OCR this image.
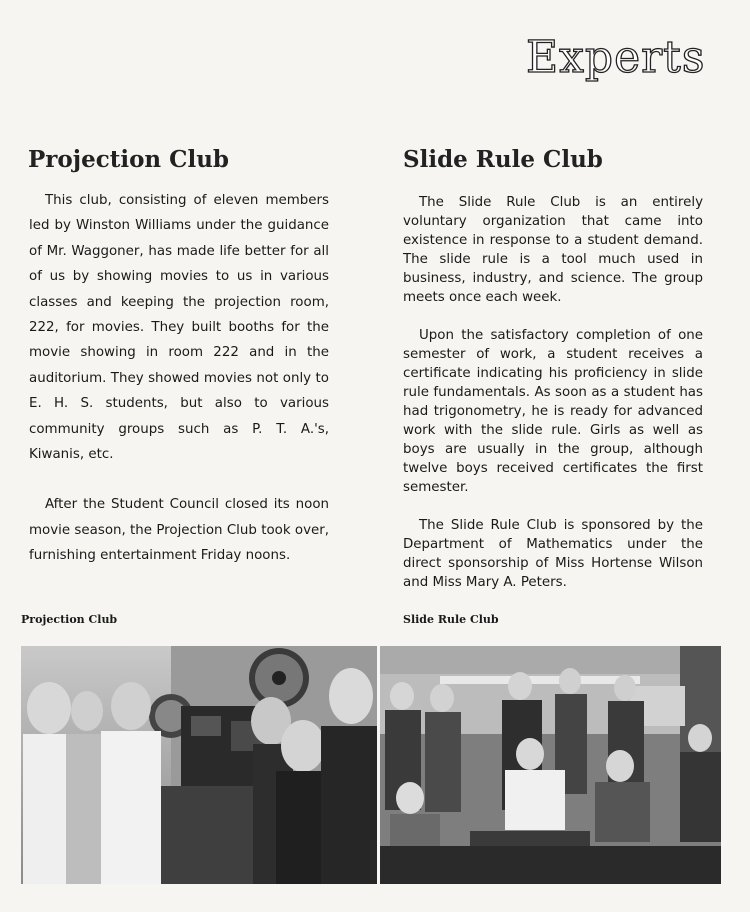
Experts
Projection Club	Slide Rule Club

This club, consisting of eleven members led by Winston Williams under the guidance of Mr. Waggoner, has made life better for all of us by showing movies to us in various classes and keeping the projection room, 222, for movies. They built booths for the movie showing in room 222 and in the auditorium. They showed movies not only to E. H. S. students, but also to various community groups such as P. T. A.'s, Kiwanis, etc.

After the Student Council closed its noon movie season, the Projection Club took over, furnishing entertainment Friday noons.

The Slide Rule Club is an entirely voluntary organization that came into existence in response to a student demand. The slide rule is a tool much used in business, industry, and science. The group meets once each week.

Upon the satisfactory completion of one semester of work, a student receives a certificate indicating his proficiency in slide rule fundamentals. As soon as a student has had trigonometry, he is ready for advanced work with the slide rule. Girls as well as boys are usually in the group, although twelve boys received certificates the first semester.

The Slide Rule Club is sponsored by the Department of Mathematics under the direct sponsorship of Miss Hortense Wilson and Miss Mary A. Peters.

Projection Club	Slide Rule Club
